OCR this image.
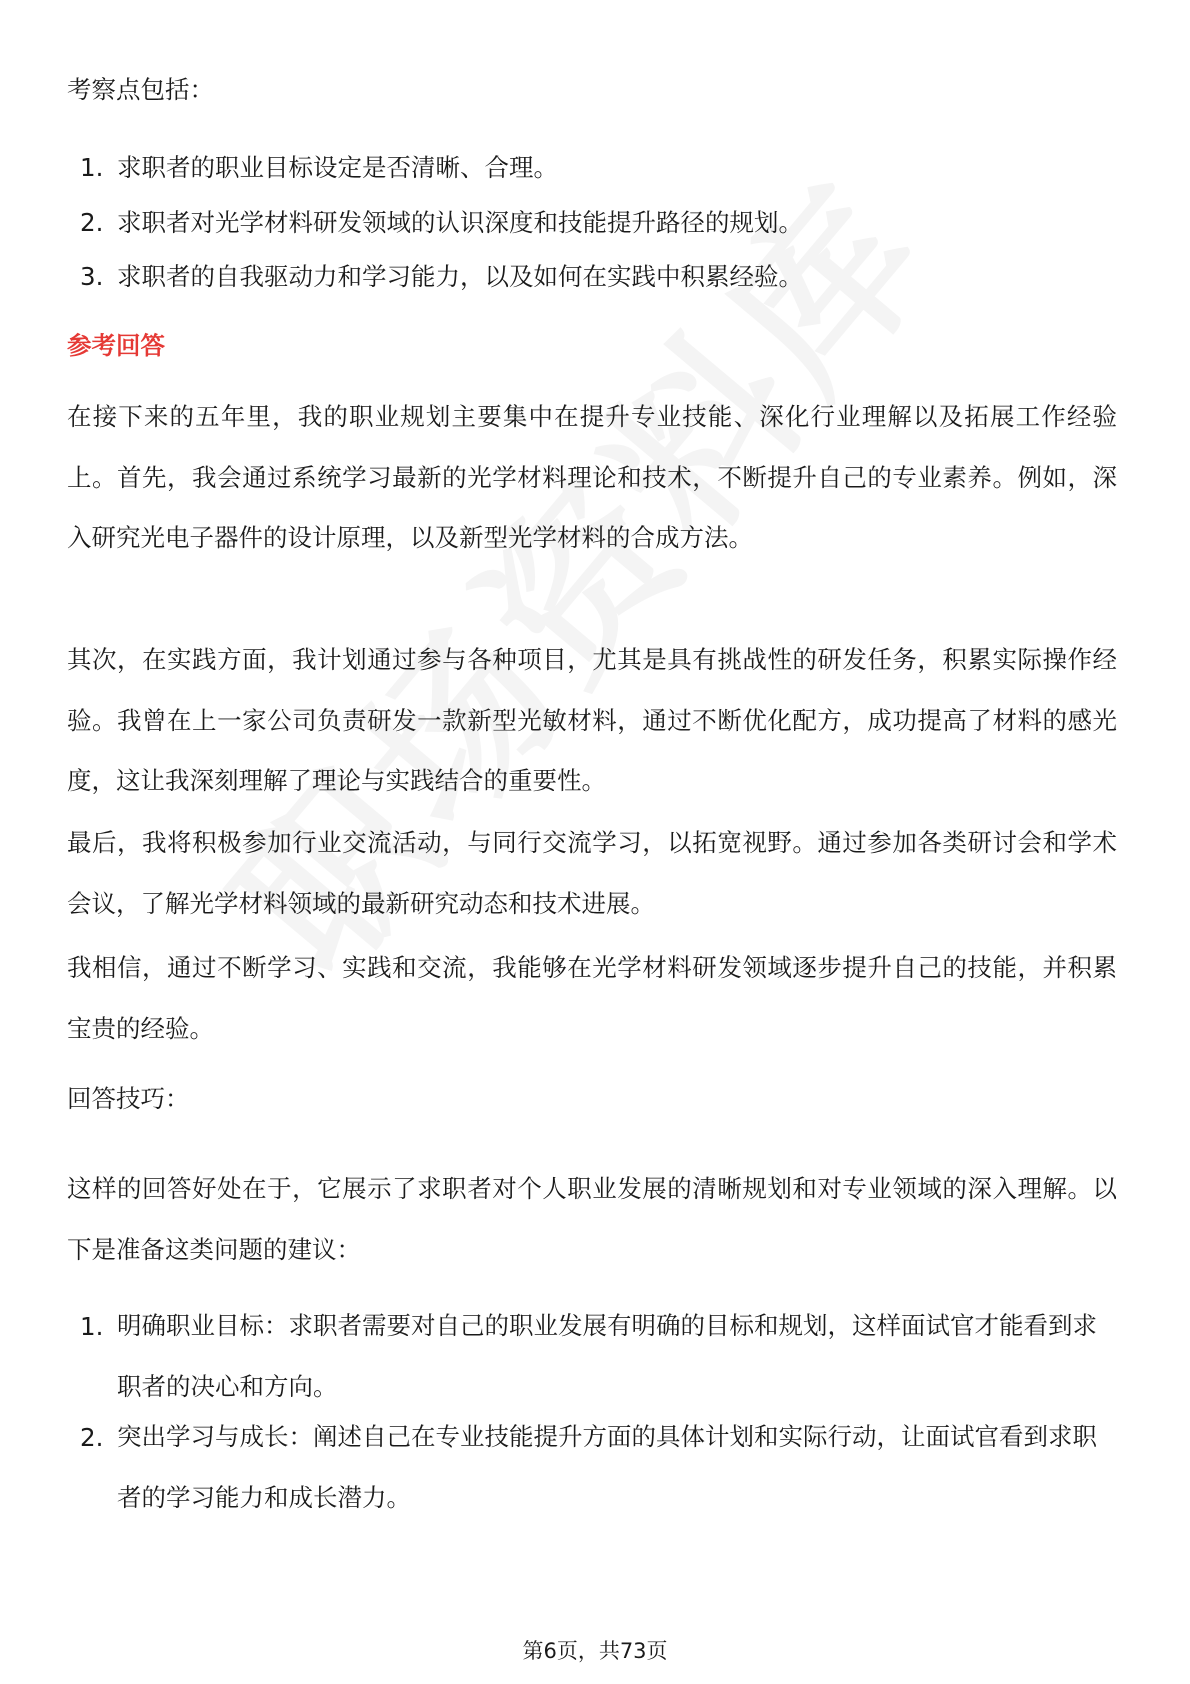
考察点包括：
1. 求职者的职业目标设定是否清晰、合理。
2. 求职者对光学材料研发领域的认识深度和技能提升路径的规划。
3. 求职者的自我驱动力和学习能力，以及如何在实践中积累经验。
参考回答
在接下来的五年里，我的职业规划主要集中在提升专业技能、深化行业理解以及拓展工作经验上。首先，我会通过系统学习最新的光学材料理论和技术，不断提升自己的专业素养。例如，深入研究光电子器件的设计原理，以及新型光学材料的合成方法。
其次，在实践方面，我计划通过参与各种项目，尤其是具有挑战性的研发任务，积累实际操作经验。我曾在上一家公司负责研发一款新型光敏材料，通过不断优化配方，成功提高了材料的感光度，这让我深刻理解了理论与实践结合的重要性。
最后，我将积极参加行业交流活动，与同行交流学习，以拓宽视野。通过参加各类研讨会和学术会议，了解光学材料领域的最新研究动态和技术进展。
我相信，通过不断学习、实践和交流，我能够在光学材料研发领域逐步提升自己的技能，并积累宝贵的经验。
回答技巧：
这样的回答好处在于，它展示了求职者对个人职业发展的清晰规划和对专业领域的深入理解。以下是准备这类问题的建议：
1. 明确职业目标：求职者需要对自己的职业发展有明确的目标和规划，这样面试官才能看到求职者的决心和方向。
2. 突出学习与成长：阐述自己在专业技能提升方面的具体计划和实际行动，让面试官看到求职者的学习能力和成长潜力。
第6页，共73页
